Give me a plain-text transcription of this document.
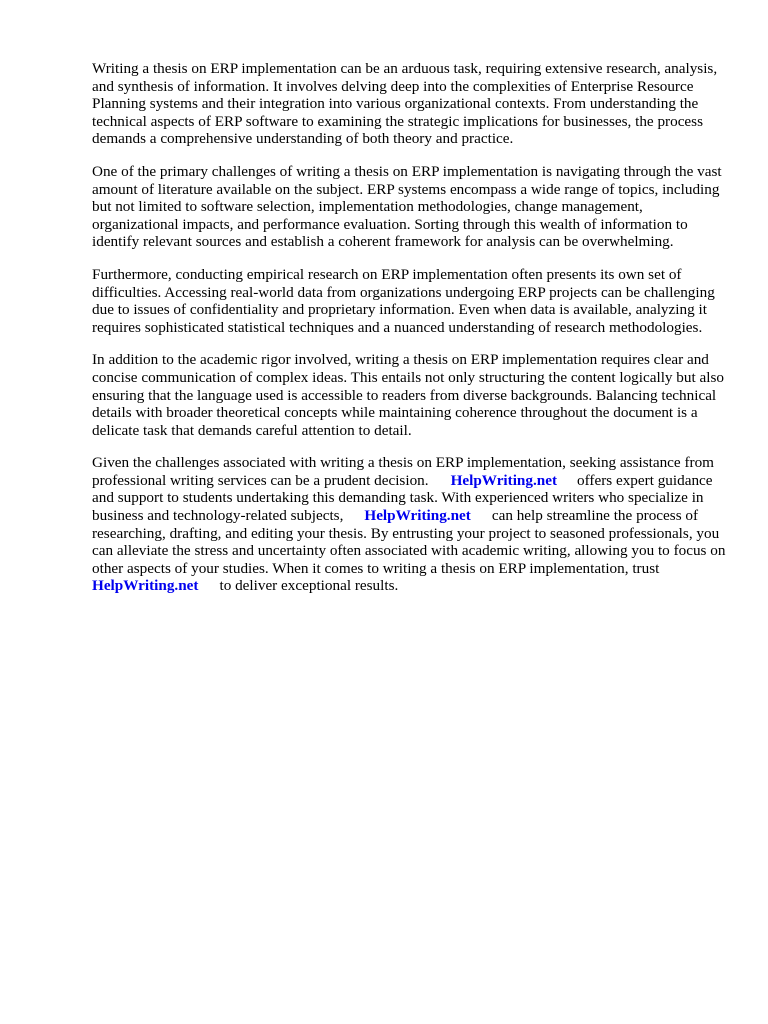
Writing a thesis on ERP implementation can be an arduous task, requiring extensive research, analysis, and synthesis of information. It involves delving deep into the complexities of Enterprise Resource Planning systems and their integration into various organizational contexts. From understanding the technical aspects of ERP software to examining the strategic implications for businesses, the process demands a comprehensive understanding of both theory and practice.

One of the primary challenges of writing a thesis on ERP implementation is navigating through the vast amount of literature available on the subject. ERP systems encompass a wide range of topics, including but not limited to software selection, implementation methodologies, change management, organizational impacts, and performance evaluation. Sorting through this wealth of information to identify relevant sources and establish a coherent framework for analysis can be overwhelming.

Furthermore, conducting empirical research on ERP implementation often presents its own set of difficulties. Accessing real-world data from organizations undergoing ERP projects can be challenging due to issues of confidentiality and proprietary information. Even when data is available, analyzing it requires sophisticated statistical techniques and a nuanced understanding of research methodologies.

In addition to the academic rigor involved, writing a thesis on ERP implementation requires clear and concise communication of complex ideas. This entails not only structuring the content logically but also ensuring that the language used is accessible to readers from diverse backgrounds. Balancing technical details with broader theoretical concepts while maintaining coherence throughout the document is a delicate task that demands careful attention to detail.

Given the challenges associated with writing a thesis on ERP implementation, seeking assistance from professional writing services can be a prudent decision. HelpWriting.net offers expert guidance and support to students undertaking this demanding task. With experienced writers who specialize in business and technology-related subjects, HelpWriting.net can help streamline the process of researching, drafting, and editing your thesis. By entrusting your project to seasoned professionals, you can alleviate the stress and uncertainty often associated with academic writing, allowing you to focus on other aspects of your studies. When it comes to writing a thesis on ERP implementation, trustHelpWriting.net to deliver exceptional results.
